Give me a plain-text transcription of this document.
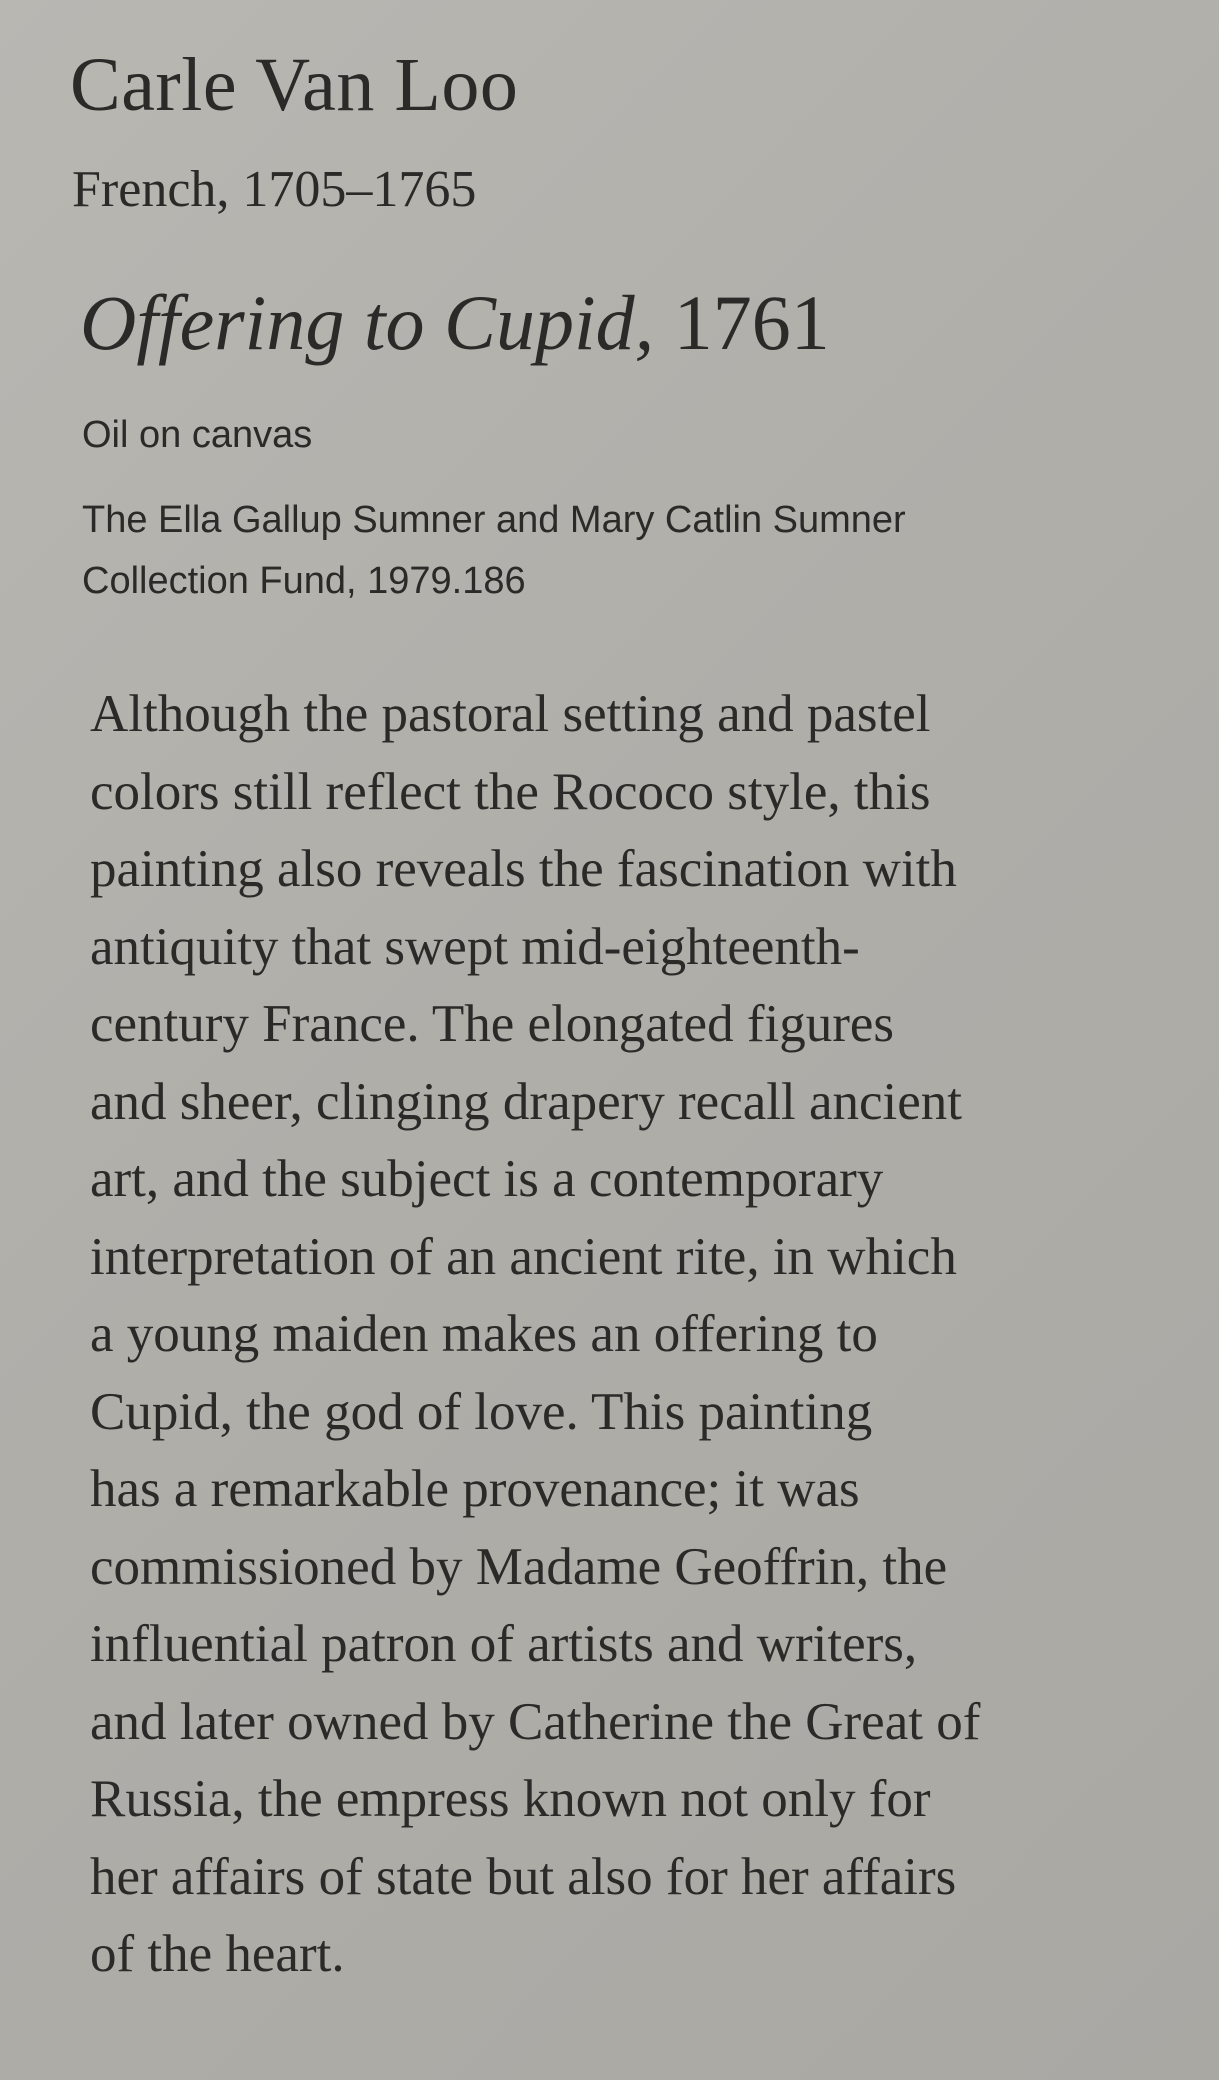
Carle Van Loo
French, 1705–1765
Offering to Cupid, 1761
Oil on canvas
The Ella Gallup Sumner and Mary Catlin Sumner
Collection Fund, 1979.186
Although the pastoral setting and pastel
colors still reflect the Rococo style, this
painting also reveals the fascination with
antiquity that swept mid-eighteenth-
century France. The elongated figures
and sheer, clinging drapery recall ancient
art, and the subject is a contemporary
interpretation of an ancient rite, in which
a young maiden makes an offering to
Cupid, the god of love. This painting
has a remarkable provenance; it was
commissioned by Madame Geoffrin, the
influential patron of artists and writers,
and later owned by Catherine the Great of
Russia, the empress known not only for
her affairs of state but also for her affairs
of the heart.
